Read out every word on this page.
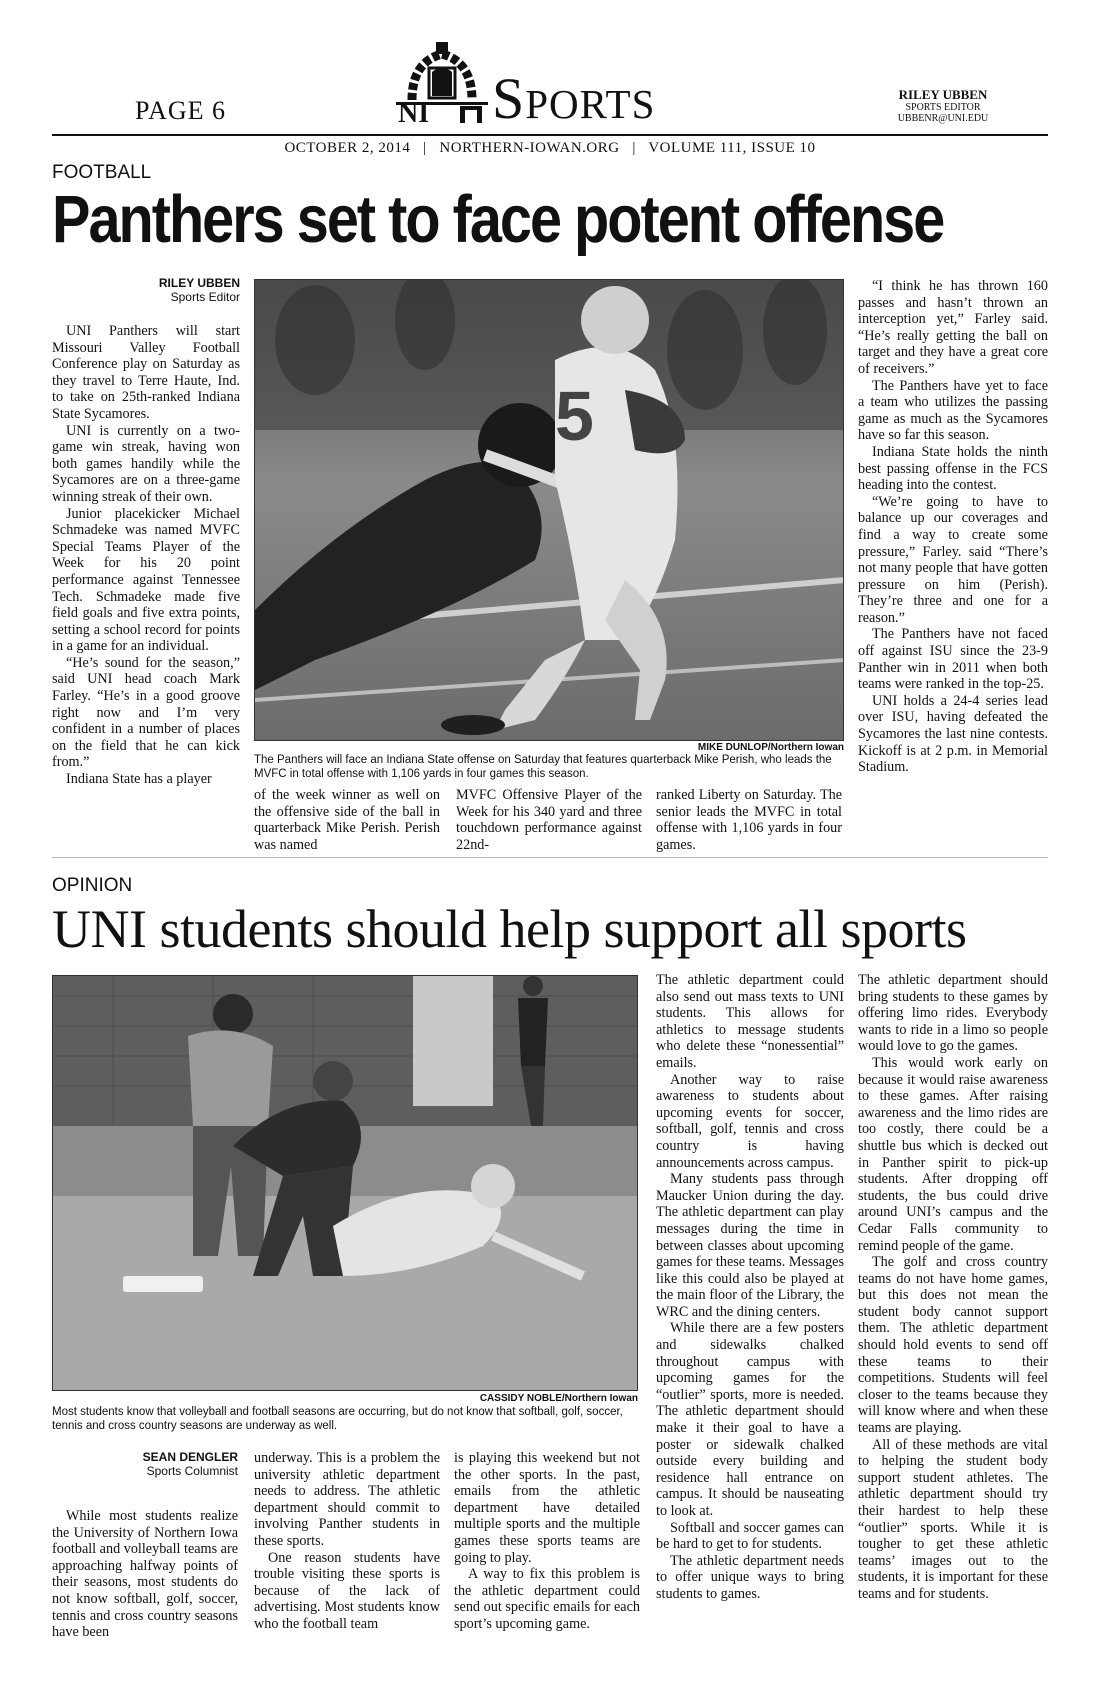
PAGE 6	NI Sports	RILEY UBBEN
SPORTS EDITOR
UBBENR@UNI.EDU
OCTOBER 2, 2014   |   NORTHERN-IOWAN.ORG   |   VOLUME 111, ISSUE 10
FOOTBALL
Panthers set to face potent offense
RILEY UBBEN
Sports Editor

UNI Panthers will start Missouri Valley Football Conference play on Saturday as they travel to Terre Haute, Ind. to take on 25th-ranked Indiana State Sycamores.

UNI is currently on a two-game win streak, having won both games handily while the Sycamores are on a three-game winning streak of their own.

Junior placekicker Michael Schmadeke was named MVFC Special Teams Player of the Week for his 20 point performance against Tennessee Tech. Schmadeke made five field goals and five extra points, setting a school record for points in a game for an individual.

“He’s sound for the season,” said UNI head coach Mark Farley. “He’s in a good groove right now and I’m very confident in a number of places on the field that he can kick from.”

Indiana State has a player

5
MIKE DUNLOP/Northern Iowan
The Panthers will face an Indiana State offense on Saturday that features quarterback Mike Perish, who leads the MVFC in total offense with 1,106 yards in four games this season.

of the week winner as well on the offensive side of the ball in quarterback Mike Perish. Perish was named

MVFC Offensive Player of the Week for his 340 yard and three touchdown performance against 22nd-

ranked Liberty on Saturday. The senior leads the MVFC in total offense with 1,106 yards in four games.

“I think he has thrown 160 passes and hasn’t thrown an interception yet,” Farley said. “He’s really getting the ball on target and they have a great core of receivers.”

The Panthers have yet to face a team who utilizes the passing game as much as the Sycamores have so far this season.

Indiana State holds the ninth best passing offense in the FCS heading into the contest.

“We’re going to have to balance up our coverages and find a way to create some pressure,” Farley. said “There’s not many people that have gotten pressure on him (Perish). They’re three and one for a reason.”

The Panthers have not faced off against ISU since the 23-9 Panther win in 2011 when both teams were ranked in the top-25.

UNI holds a 24-4 series lead over ISU, having defeated the Sycamores the last nine contests. Kickoff is at 2 p.m. in Memorial Stadium.

OPINION
UNI students should help support all sports
CASSIDY NOBLE/Northern Iowan
Most students know that volleyball and football seasons are occurring, but do not know that softball, golf, soccer, tennis and cross country seasons are underway as well.
SEAN DENGLER
Sports Columnist

While most students realize the University of Northern Iowa football and volleyball teams are approaching halfway points of their seasons, most students do not know softball, golf, soccer, tennis and cross country seasons have been

underway. This is a problem the university athletic department needs to address. The athletic department should commit to involving Panther students in these sports.

One reason students have trouble visiting these sports is because of the lack of advertising. Most students know who the football team

is playing this weekend but not the other sports. In the past, emails from the athletic department have detailed multiple sports and the multiple games these sports teams are going to play.

A way to fix this problem is the athletic department could send out specific emails for each sport’s upcoming game.

The athletic department could also send out mass texts to UNI students. This allows for athletics to message students who delete these “nonessential” emails.

Another way to raise awareness to students about upcoming events for soccer, softball, golf, tennis and cross country is having announcements across campus.

Many students pass through Maucker Union during the day. The athletic department can play messages during the time in between classes about upcoming games for these teams. Messages like this could also be played at the main floor of the Library, the WRC and the dining centers.

While there are a few posters and sidewalks chalked throughout campus with upcoming games for the “outlier” sports, more is needed. The athletic department should make it their goal to have a poster or sidewalk chalked outside every building and residence hall entrance on campus. It should be nauseating to look at.

Softball and soccer games can be hard to get to for students.

The athletic department needs to offer unique ways to bring students to games.

The athletic department should bring students to these games by offering limo rides. Everybody wants to ride in a limo so people would love to go the games.

This would work early on because it would raise awareness to these games. After raising awareness and the limo rides are too costly, there could be a shuttle bus which is decked out in Panther spirit to pick-up students. After dropping off students, the bus could drive around UNI’s campus and the Cedar Falls community to remind people of the game.

The golf and cross country teams do not have home games, but this does not mean the student body cannot support them. The athletic department should hold events to send off these teams to their competitions. Students will feel closer to the teams because they will know where and when these teams are playing.

All of these methods are vital to helping the student body support student athletes. The athletic department should try their hardest to help these “outlier” sports. While it is tougher to get these athletic teams’ images out to the students, it is important for these teams and for students.
